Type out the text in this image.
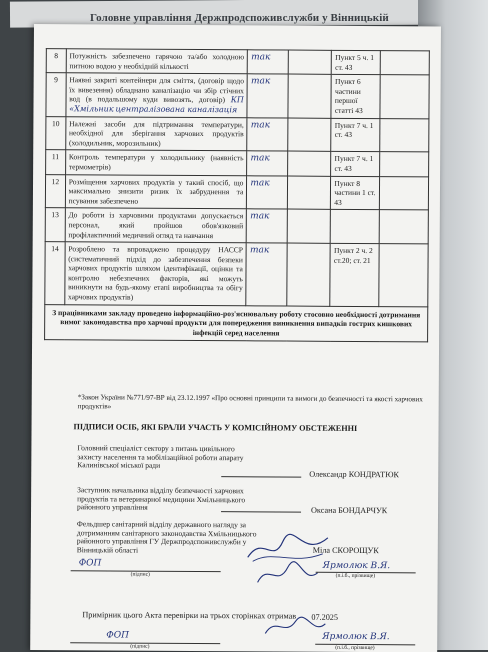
Головне управління Держпродспоживслужби у Вінницькій
8	Потужність забезпечено гарячою та/або холодною питною водою у необхідній кількості	так		Пункт 5 ч. 1 ст. 43	
9	Наявні закриті контейнери для сміття, (договір щодо їх вивезення) обладнано каналізацію чи збір стічних вод (в подальшому куди вивозять, договір) КП «Хмільник централізована каналізація	так		Пункт 6 частини першої статті 43	
10	Належні засоби для підтримання температури, необхідної для зберігання харчових продуктів (холодильник, морозильник)	так		Пункт 7 ч. 1 ст. 43	
11	Контроль температури у холодильнику (наявність термометрів)	так		Пункт 7 ч. 1 ст. 43	
12	Розміщення харчових продуктів у такий спосіб, що максимально знизити ризик їх забруднення та псування забезпечено	так		Пункт 8 частини 1 ст. 43	
13	До роботи із харчовими продуктами допускається персонал, який пройшов обов'язковий профілактичний медичний огляд та навчання	так			
14	Розроблено та впроваджено процедуру НАССР (систематичний підхід до забезпечення безпеки харчових продуктів шляхом ідентифікації, оцінки та контролю небезпечних факторів, які можуть виникнути на будь-якому етапі виробництва та обігу харчових продуктів)	так		Пункт 2 ч. 2 ст.20; ст. 21	
З працівниками закладу проведено інформаційно-роз'яснювальну роботу стосовно необхідності дотримання вимог законодавства про харчові продукти для попередження виникнення випадків гострих кишкових інфекцій серед населення					
*Закон України №771/97-ВР від 23.12.1997 «Про основні принципи та вимоги до безпечності та якості харчових продуктів»
ПІДПИСИ ОСІБ, ЯКІ БРАЛИ УЧАСТЬ У КОМІСІЙНОМУ ОБСТЕЖЕННІ
Головний спеціаліст сектору з питань цивільного захисту населення та мобілізаційної роботи апарату Калинівської міської ради
Олександр КОНДРАТЮК
Заступник начальника відділу безпечності харчових продуктів та ветеринарної медицини Хмільницького районного управління	Оксана БОНДАРЧУК
Фельдшер санітарний відділу державного нагляду за дотриманням санітарного законодавства Хмільницького районного управління ГУ Держпродспоживслужби у Вінницькій області	Міла СКОРОЩУК
ФОП
(підпис)
Ярмолюк В.Я.
(п.і.б., прізвище)
Примірник цього Акта перевірки на трьох сторінках отримав 07.2025
ФОП
(підпис)
Ярмолюк В.Я.
(п.і.б., прізвище)
